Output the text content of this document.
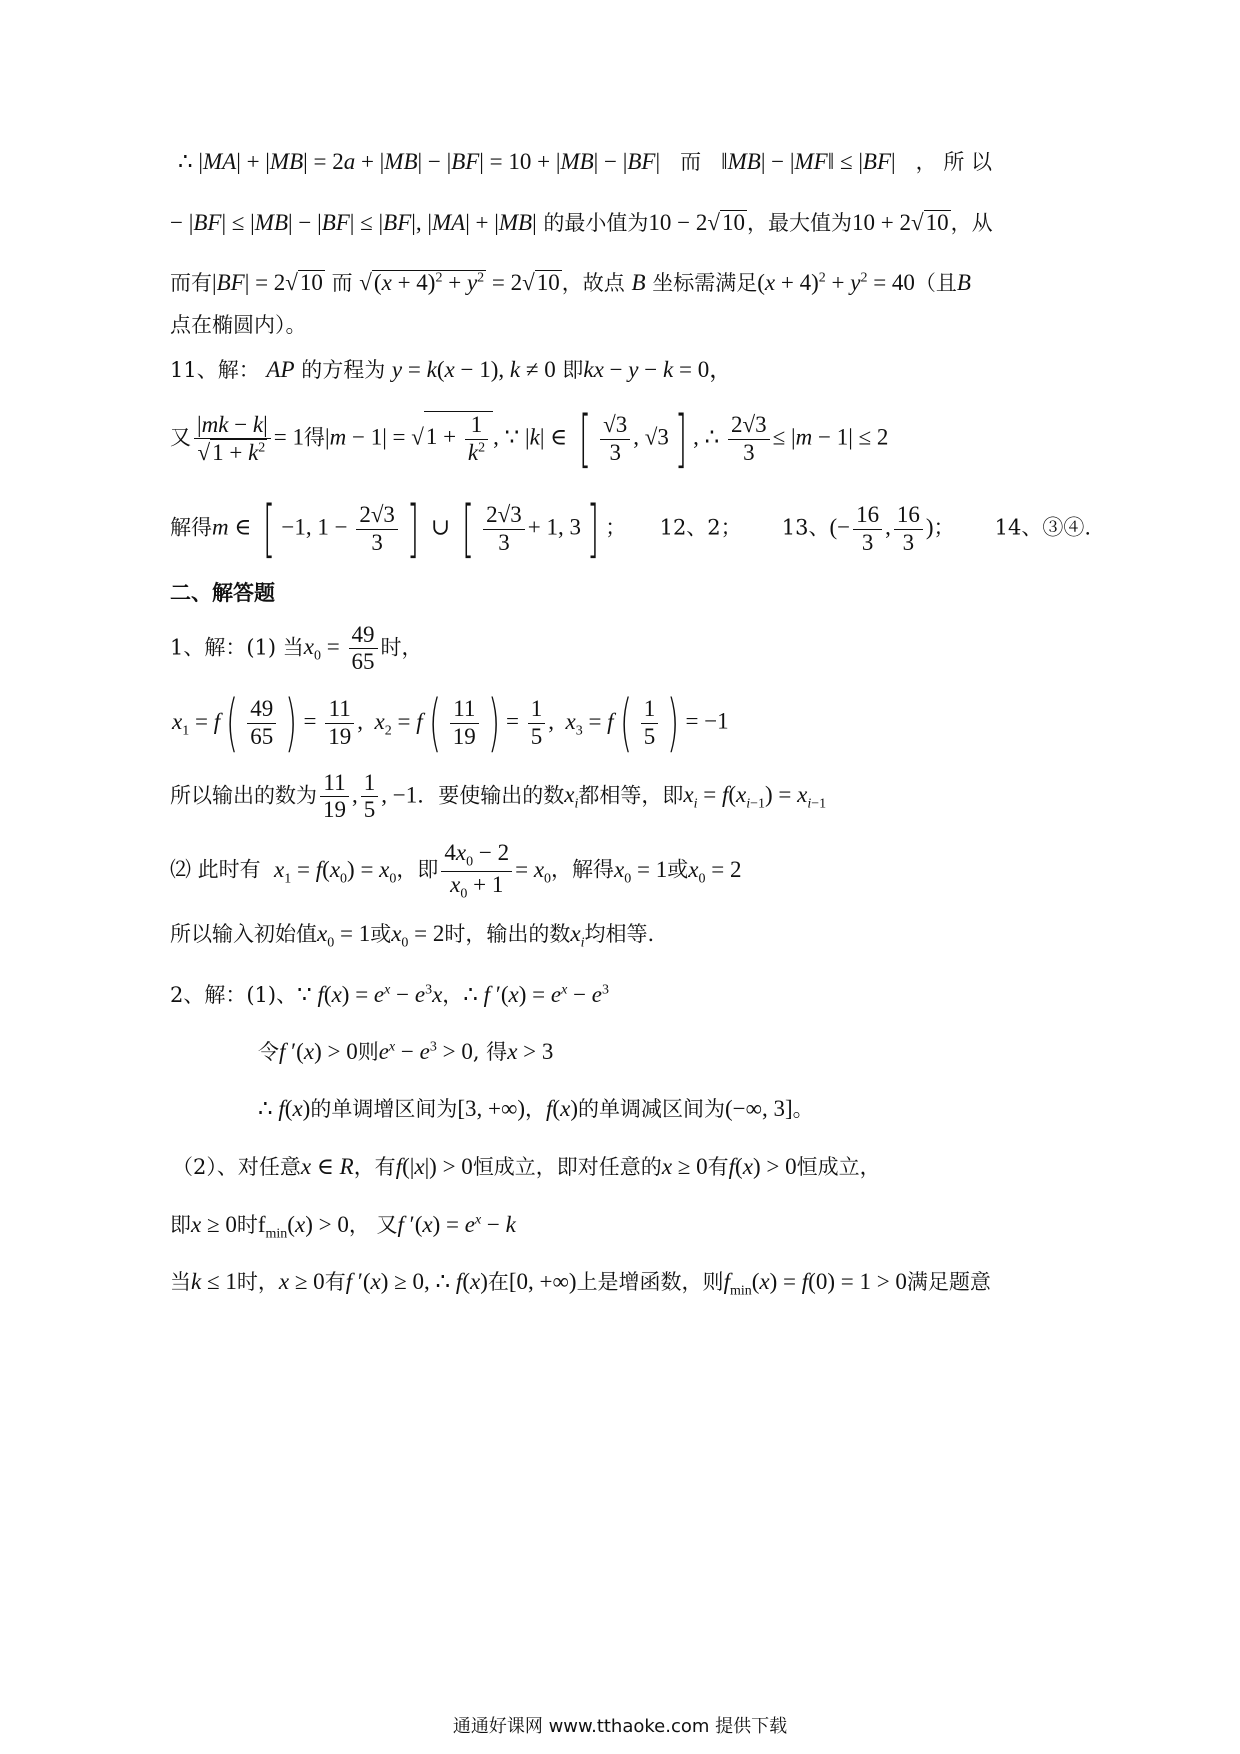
∴ |MA| + |MB| = 2a + |MB| − |BF| = 10 + |MB| − |BF| 而 ‖MB| − |MF‖ ≤ |BF| ， 所 以
− |BF| ≤ |MB| − |BF| ≤ |BF|, |MA| + |MB| 的最小值为10 − 2√10，最大值为10 + 2√10，从
而有|BF| = 2√10 而 $√(x + 4)^2 + y^2 = 2√10$，故点 B 坐标需满足$(x + 4)^2 + y^2 = 40$（且B
点在椭圆内）。
11、解： AP 的方程为 y = k(x − 1), k ≠ 0 即kx − y − k = 0，
又 $\frac{|mk - k|}{√1 + k^2} = 1$得$|m - 1| = √1 + \frac{1}{k^2}$ , ∵ |k| ∈ [ $\frac{√3}{3}$ , √3] , ∴ $\frac{2√3}{3} \le |m - 1| \le 2$
解得m ∈ [ −1, $1 - \frac{2√3}{3}$ ] ∪ [ $\frac{2√3}{3} + 1$, 3] ；     12、2； 13、(− $\frac{16}{3}$ , $\frac{16}{3}$ )；      14、③④.
二、解答题
1、解：(1) 当$x_0 = \frac{49}{65}$ 时，
$x_1 = f( \frac{49}{65}$ ) = $\frac{11}{19}$ ,  $x_2 = f( \frac{11}{19}$ ) = $\frac{1}{5}$ ,  $x_3 = f( \frac{1}{5}$ ) = −1
所以输出的数为 $\frac{11}{19}$ , $\frac{1}{5}$ , −1．要使输出的数$x_i$都相等，即$x_i = f(x_{i-1}) = x_{i-1}$
⑵ 此时有 $x_1 = f(x_0) = x_0$，即 $\frac{4x_0 - 2}{x_0 + 1} = x_0$，解得$x_0 = 1$或$x_0 = 2$
所以输入初始值$x_0 = 1$或$x_0 = 2$时，输出的数$x_i$均相等.
2、解：(1)、∵ $f(x) = e^x - e^3x$，∴ f $'(x) = e^x - e^3$
令f ′(x) > 0则$e^x - e^3 > 0$, 得x > 3
∴ f(x)的单调增区间为[3, +∞)，f(x)的单调减区间为(−∞, 3]。
（2）、对任意x ∈ R，有f(|x|) > 0恒成立，即对任意的x ≥ 0有f(x) > 0恒成立，
即x ≥ 0时$f_{min}(x) > 0$， 又f $'(x) = e^x - k$
当k ≤ 1时，x ≥ 0有f ′(x) ≥ 0, ∴ f(x)在[0, +∞)上是增函数，则$f_{min}(x) = f(0) = 1 > 0$满足题意
通通好课网 www.tthaoke.com 提供下载
